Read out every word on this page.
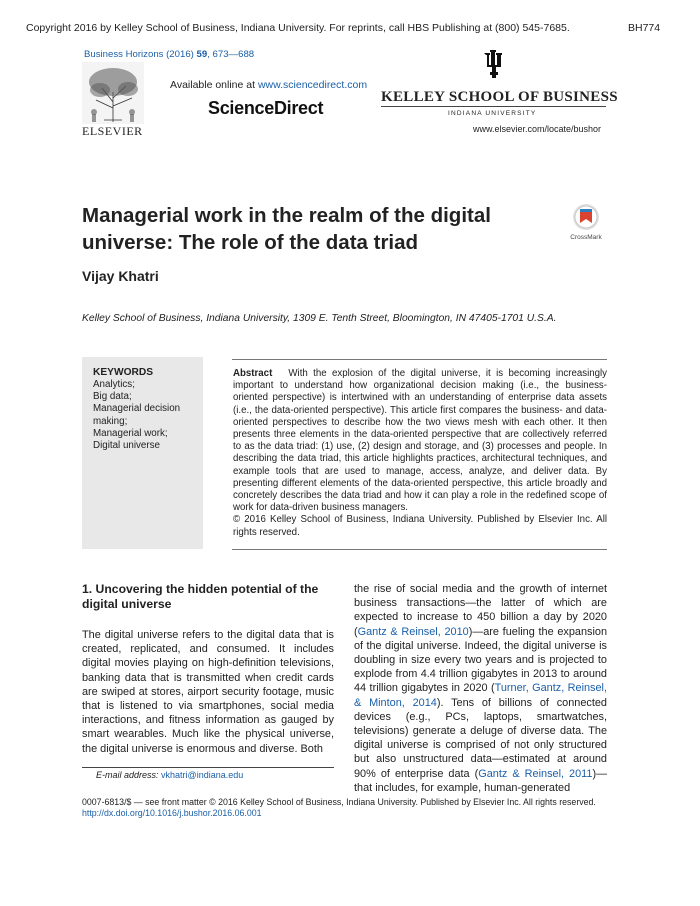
Copyright 2016 by Kelley School of Business, Indiana University. For reprints, call HBS Publishing at (800) 545-7685.	BH774
Business Horizons (2016) 59, 673—688
ELSEVIER
Available online at www.sciencedirect.com
ScienceDirect
KELLEY SCHOOL OF BUSINESS
INDIANA UNIVERSITY
www.elsevier.com/locate/bushor
Managerial work in the realm of the digital universe: The role of the data triad	CrossMark
Vijay Khatri
Kelley School of Business, Indiana University, 1309 E. Tenth Street, Bloomington, IN 47405-1701 U.S.A.
KEYWORDS
Analytics;
Big data;
Managerial decision
making;
Managerial work;
Digital universe
Abstract With the explosion of the digital universe, it is becoming increasingly important to understand how organizational decision making (i.e., the business-oriented perspective) is intertwined with an understanding of enterprise data assets (i.e., the data-oriented perspective). This article first compares the business- and data-oriented perspectives to describe how the two views mesh with each other. It then presents three elements in the data-oriented perspective that are collectively referred to as the data triad: (1) use, (2) design and storage, and (3) processes and people. In describing the data triad, this article highlights practices, architectural techniques, and example tools that are used to manage, access, analyze, and deliver data. By presenting different elements of the data-oriented perspective, this article broadly and concretely describes the data triad and how it can play a role in the redefined scope of work for data-driven business managers.
© 2016 Kelley School of Business, Indiana University. Published by Elsevier Inc. All rights reserved.
1. Uncovering the hidden potential of the digital universe
The digital universe refers to the digital data that is created, replicated, and consumed. It includes digital movies playing on high-definition televisions, banking data that is transmitted when credit cards are swiped at stores, airport security footage, music that is listened to via smartphones, social media interactions, and fitness information as gauged by smart wearables. Much like the physical universe, the digital universe is enormous and diverse. Both
the rise of social media and the growth of internet business transactions—the latter of which are expected to increase to 450 billion a day by 2020 (Gantz & Reinsel, 2010)—are fueling the expansion of the digital universe. Indeed, the digital universe is doubling in size every two years and is projected to explode from 4.4 trillion gigabytes in 2013 to around 44 trillion gigabytes in 2020 (Turner, Gantz, Reinsel, & Minton, 2014). Tens of billions of connected devices (e.g., PCs, laptops, smartwatches, televisions) generate a deluge of diverse data. The digital universe is comprised of not only structured but also unstructured data—estimated at around 90% of enterprise data (Gantz & Reinsel, 2011)—that includes, for example, human-generated
E-mail address: vkhatri@indiana.edu
0007-6813/$ — see front matter © 2016 Kelley School of Business, Indiana University. Published by Elsevier Inc. All rights reserved.
http://dx.doi.org/10.1016/j.bushor.2016.06.001
